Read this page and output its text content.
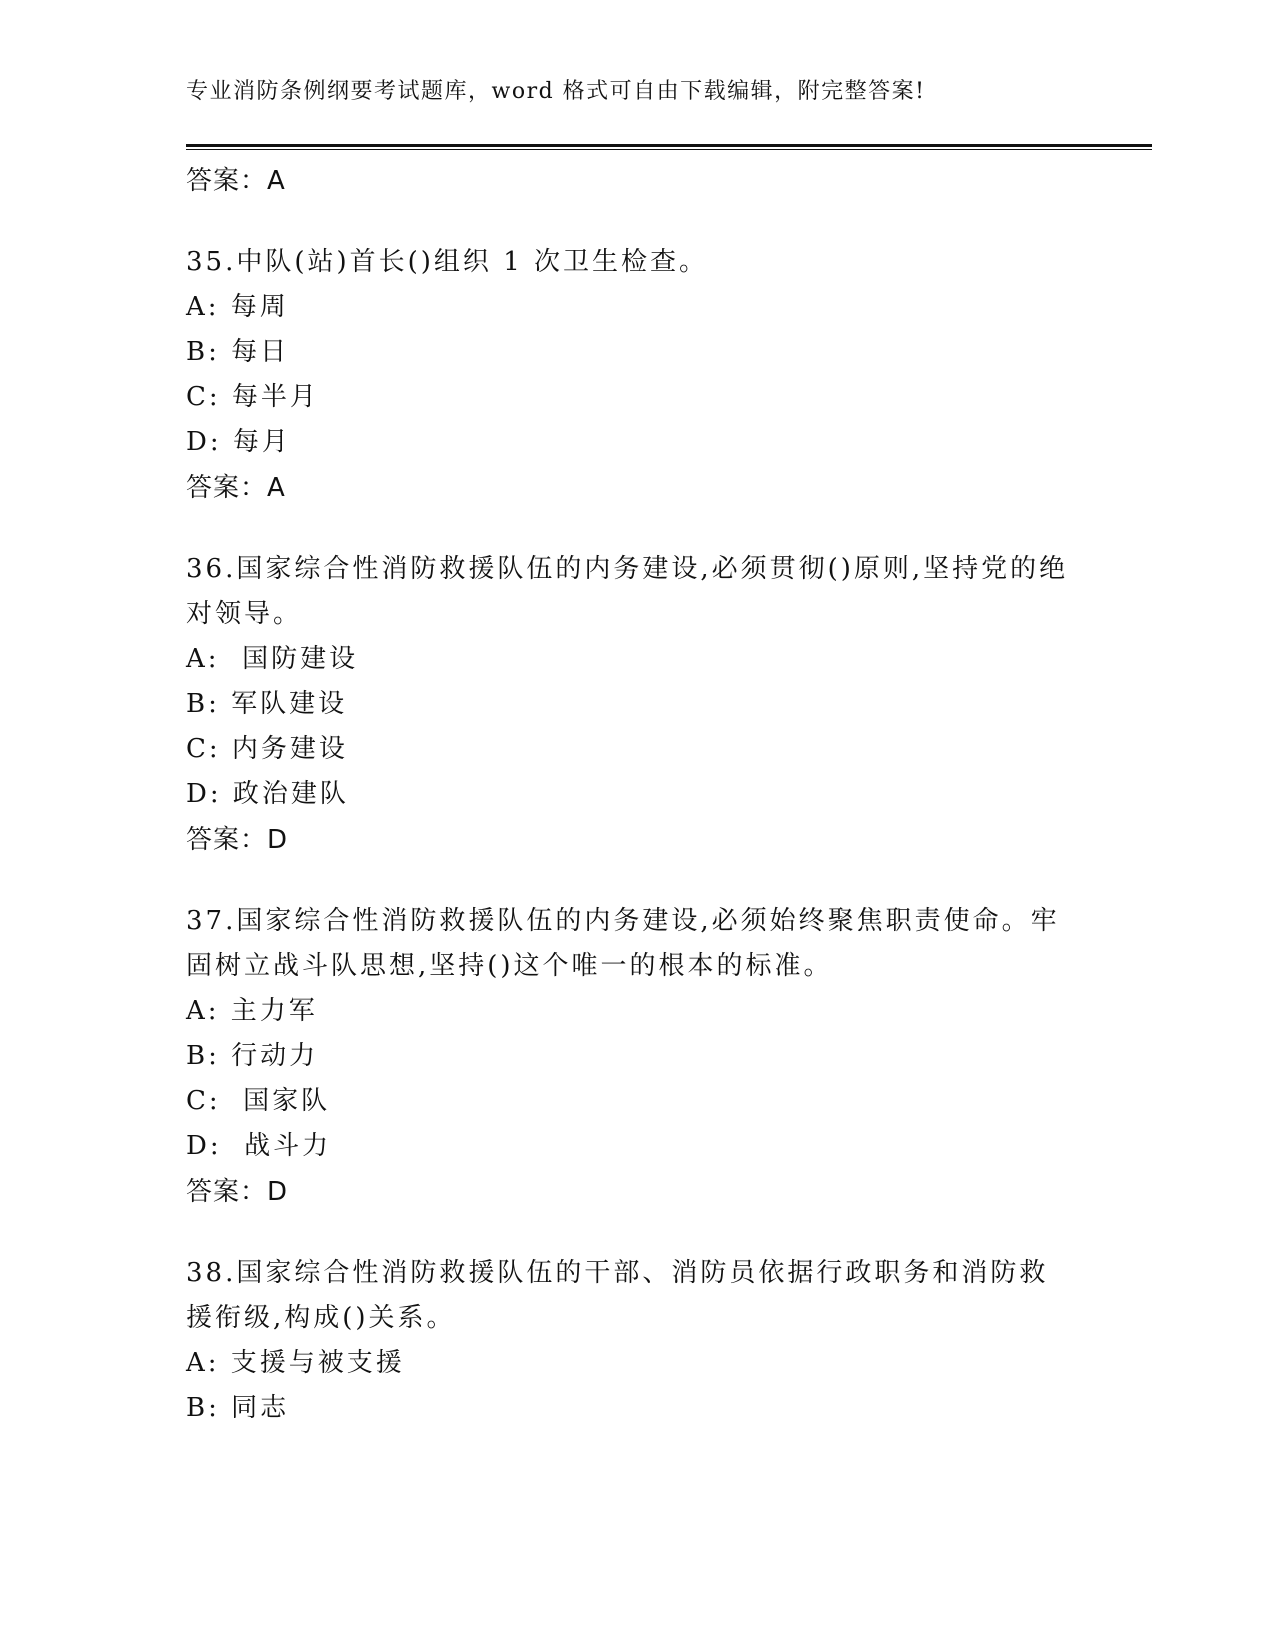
专业消防条例纲要考试题库，word 格式可自由下载编辑，附完整答案!
答案：A
35.中队(站)首长()组织 1 次卫生检查。
A: 每周
B: 每日
C: 每半月
D: 每月
答案：A
36.国家综合性消防救援队伍的内务建设,必须贯彻()原则,坚持党的绝对领导。
A:  国防建设
B: 军队建设
C: 内务建设
D: 政治建队
答案：D
37.国家综合性消防救援队伍的内务建设,必须始终聚焦职责使命。牢固树立战斗队思想,坚持()这个唯一的根本的标准。
A: 主力军
B: 行动力
C:  国家队
D:  战斗力
答案：D
38.国家综合性消防救援队伍的干部、消防员依据行政职务和消防救援衔级,构成()关系。
A: 支援与被支援
B: 同志
